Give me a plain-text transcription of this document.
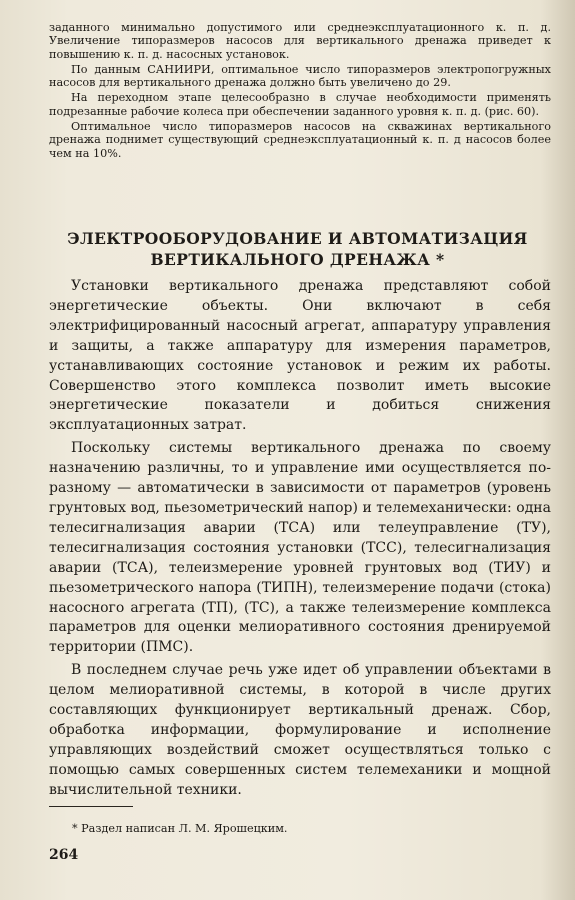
заданного минимально допустимого или среднеэксплуатационного к. п. д. Увеличение типоразмеров насосов для вертикального дренажа приведет к повышению к. п. д. насосных установок.

По данным САНИИРИ, оптимальное число типоразмеров электропогружных насосов для вертикального дренажа должно быть увеличено до 29.

На переходном этапе целесообразно в случае необходимости применять подрезанные рабочие колеса при обеспечении заданного уровня к. п. д. (рис. 60).

Оптимальное число типоразмеров насосов на скважинах вертикального дренажа поднимет существующий среднеэксплуатационный к. п. д насосов более чем на 10%.

ЭЛЕКТРООБОРУДОВАНИЕ И АВТОМАТИЗАЦИЯ
ВЕРТИКАЛЬНОГО ДРЕНАЖА *

Установки вертикального дренажа представляют собой энергетические объекты. Они включают в себя электрифицированный насосный агрегат, аппаратуру управления и защиты, а также аппаратуру для измерения параметров, устанавливающих состояние установок и режим их работы. Совершенство этого комплекса позволит иметь высокие энергетические показатели и добиться снижения эксплуатационных затрат.

Поскольку системы вертикального дренажа по своему назначению различны, то и управление ими осуществляется по-разному — автоматически в зависимости от параметров (уровень грунтовых вод, пьезометрический напор) и телемеханически: одна телесигнализация аварии (ТСА) или телеуправление (ТУ), телесигнализация состояния установки (ТСС), телесигнализация аварии (ТСА), телеизмерение уровней грунтовых вод (ТИУ) и пьезометрического напора (ТИПН), телеизмерение подачи (стока) насосного агрегата (ТП), (ТС), а также телеизмерение комплекса параметров для оценки мелиоративного состояния дренируемой территории (ПМС).

В последнем случае речь уже идет об управлении объектами в целом мелиоративной системы, в которой в числе других составляющих функционирует вертикальный дренаж. Сбор, обработка информации, формулирование и исполнение управляющих воздействий сможет осуществляться только с помощью самых совершенных систем телемеханики и мощной вычислительной техники.

* Раздел написан Л. М. Ярошецким.
264
